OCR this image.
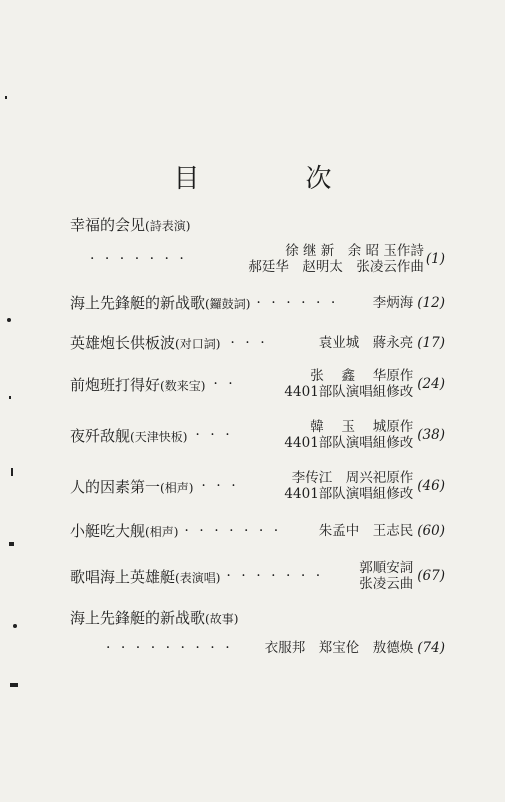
目　次
幸福的会见(詩表演)
· · · · · · ·	徐 继 新　余 昭 玉作詩
郝廷华　赵明太　张凌云作曲 (1)
海上先鋒艇的新战歌(鑼鼓詞) · · · · · ·	李炳海 (12)
英雄炮长供板波(对口詞) · · ·	袁业城　蔣永亮 (17)
前炮班打得好(数来宝) · ·	张　 鑫　 华原作
4401部队演唱組修改 (24)
夜歼敌舰(天津快板) · · ·	韓　 玉　 城原作
4401部队演唱組修改 (38)
人的因素第一(相声) · · ·	李传江　周兴祀原作
4401部队演唱組修改 (46)
小艇吃大舰(相声) · · · · · · ·	朱孟中　王志民 (60)
歌唱海上英雄艇(表演唱) · · · · · · ·	郭順安詞
张凌云曲 (67)
海上先鋒艇的新战歌(故事)
· · · · · · · · · 衣服邦　郑宝伦　敖德焕 (74)
